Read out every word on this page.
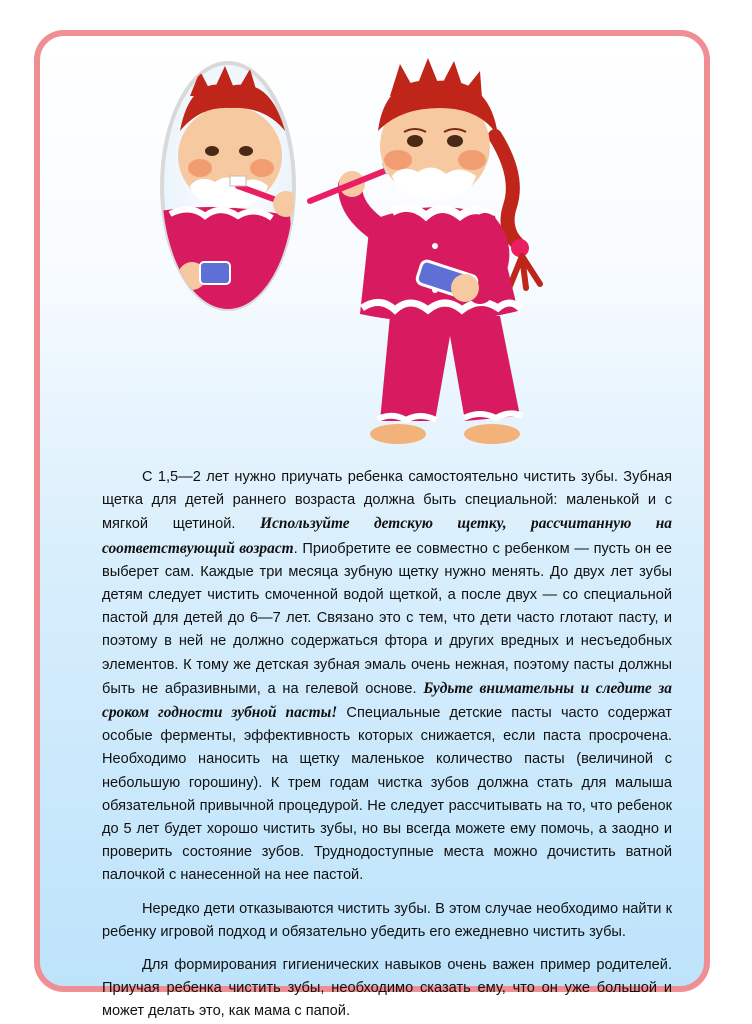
С 1,5—2 лет нужно приучать ребенка самостоятельно чистить зубы. Зубная щетка для детей раннего возраста должна быть специальной: маленькой и с мягкой щетиной. Используйте детскую щетку, рассчитанную на соответствующий возраст. Приобретите ее совместно с ребенком — пусть он ее выберет сам. Каждые три месяца зубную щетку нужно менять. До двух лет зубы детям следует чистить смоченной водой щеткой, а после двух — со специальной пастой для детей до 6—7 лет. Связано это с тем, что дети часто глотают пасту, и поэтому в ней не должно содержаться фтора и других вредных и несъедобных элементов. К тому же детская зубная эмаль очень нежная, поэтому пасты должны быть не абразивными, а на гелевой основе. Будьте внимательны и следите за сроком годности зубной пасты! Специальные детские пасты часто содержат особые ферменты, эффективность которых снижается, если паста просрочена. Необходимо наносить на щетку маленькое количество пасты (величиной с небольшую горошину). К трем годам чистка зубов должна стать для малыша обязательной привычной процедурой. Не следует рассчитывать на то, что ребенок до 5 лет будет хорошо чистить зубы, но вы всегда можете ему помочь, а заодно и проверить состояние зубов. Труднодоступные места можно дочистить ватной палочкой с нанесенной на нее пастой.

Нередко дети отказываются чистить зубы. В этом случае необходимо найти к ребенку игровой подход и обязательно убедить его ежедневно чистить зубы.

Для формирования гигиенических навыков очень важен пример родителей. Приучая ребенка чистить зубы, необходимо сказать ему, что он уже большой и может делать это, как мама с папой.
